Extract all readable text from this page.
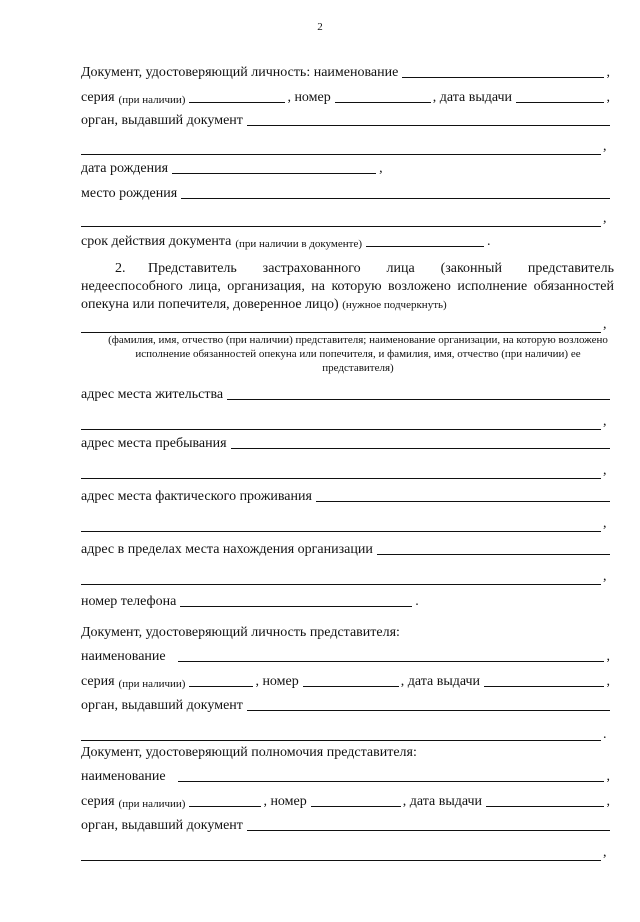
2
Документ, удостоверяющий личность: наименование	,
серия (при наличии)	, номер	, дата выдачи	,
орган, выдавший документ
,
дата рождения	,
место рождения
,
срок действия документа (при наличии в документе)	.
2. Представитель застрахованного лица (законный представитель недееспособного лица, организация, на которую возложено исполнение обязанностей опекуна или попечителя, доверенное лицо) (нужное подчеркнуть)
,
(фамилия, имя, отчество (при наличии) представителя; наименование организации, на которую возложено исполнение обязанностей опекуна или попечителя, и фамилия, имя, отчество (при наличии) ее представителя)
адрес места жительства
,
адрес места пребывания
,
адрес места фактического проживания
,
адрес в пределах места нахождения организации
,
номер телефона	.
Документ, удостоверяющий личность представителя:
наименование	,
серия (при наличии)	, номер	, дата выдачи	,
орган, выдавший документ
.
Документ, удостоверяющий полномочия представителя:
наименование	,
серия (при наличии)	, номер	, дата выдачи	,
орган, выдавший документ
,
